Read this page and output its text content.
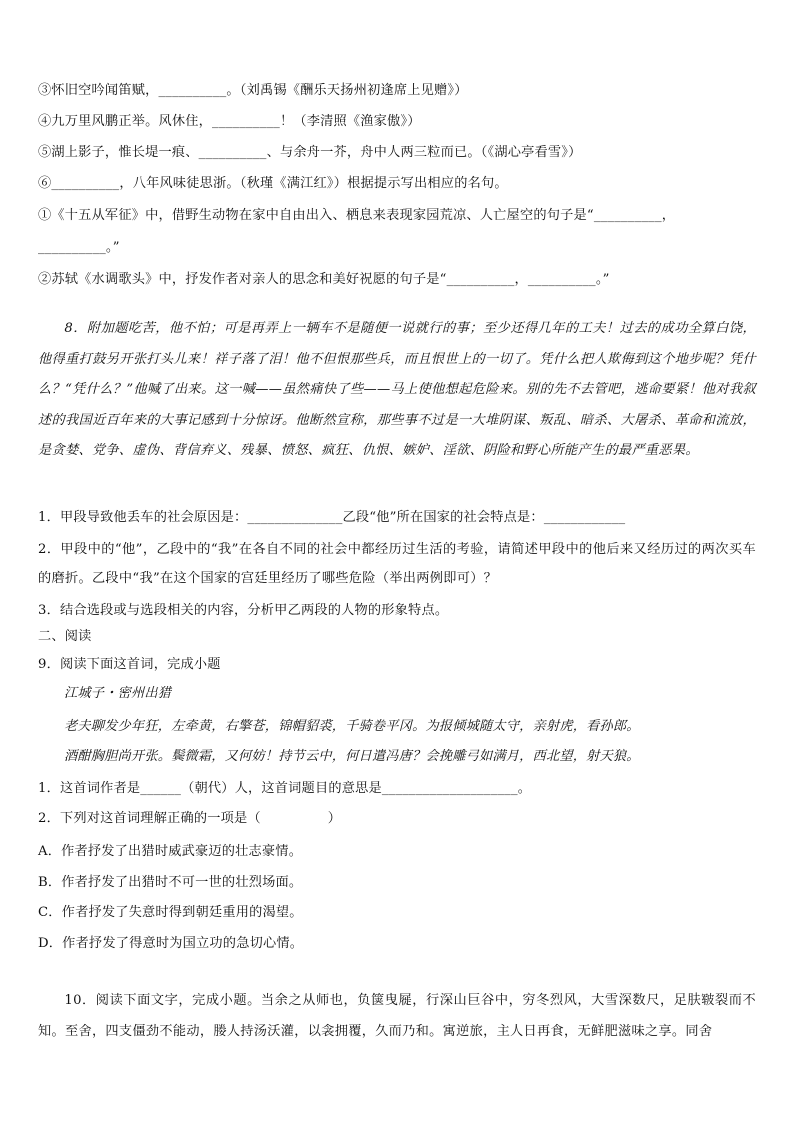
③怀旧空吟闻笛赋，__________。（刘禹锡《酬乐天扬州初逢席上见赠》）
④九万里风鹏正举。风休住，__________！（李清照《渔家傲》）
⑤湖上影子，惟长堤一痕、__________、与余舟一芥，舟中人两三粒而已。（《湖心亭看雪》）
⑥__________，八年风味徒思浙。（秋瑾《满江红》）根据提示写出相应的名句。
①《十五从军征》中，借野生动物在家中自由出入、栖息来表现家园荒凉、人亡屋空的句子是“__________，
__________。”
②苏轼《水调歌头》中，抒发作者对亲人的思念和美好祝愿的句子是“__________，__________。”
8．附加题吃苦，他不怕；可是再弄上一辆车不是随便一说就行的事；至少还得几年的工夫！过去的成功全算白饶，他得重打鼓另开张打头儿来！祥子落了泪！他不但恨那些兵，而且恨世上的一切了。凭什么把人欺侮到这个地步呢？凭什么？“凭什么？”他喊了出来。这一喊——虽然痛快了些——马上使他想起危险来。别的先不去管吧，逃命要紧！他对我叙述的我国近百年来的大事记感到十分惊讶。他断然宣称，那些事不过是一大堆阴谋、叛乱、暗杀、大屠杀、革命和流放，是贪婪、党争、虚伪、背信弃义、残暴、愤怒、疯狂、仇恨、嫉妒、淫欲、阴险和野心所能产生的最严重恶果。
1．甲段导致他丢车的社会原因是：______________乙段“他”所在国家的社会特点是：____________
2．甲段中的“他”，乙段中的“我”在各自不同的社会中都经历过生活的考验，请简述甲段中的他后来又经历过的两次买车的磨折。乙段中“我”在这个国家的宫廷里经历了哪些危险（举出两例即可）？
3．结合选段或与选段相关的内容，分析甲乙两段的人物的形象特点。
二、阅读
9．阅读下面这首词，完成小题
江城子・密州出猎
老夫聊发少年狂，左牵黄，右擎苍，锦帽貂裘，千骑卷平冈。为报倾城随太守，亲射虎，看孙郎。
酒酣胸胆尚开张。鬓微霜，又何妨！持节云中，何日遣冯唐？会挽雕弓如满月，西北望，射天狼。
1．这首词作者是______（朝代）人，这首词题目的意思是____________________。
2．下列对这首词理解正确的一项是（　　　　　）
A．作者抒发了出猎时威武豪迈的壮志豪情。
B．作者抒发了出猎时不可一世的壮烈场面。
C．作者抒发了失意时得到朝廷重用的渴望。
D．作者抒发了得意时为国立功的急切心情。
10．阅读下面文字，完成小题。当余之从师也，负箧曳屣，行深山巨谷中，穷冬烈风，大雪深数尺，足肤皲裂而不知。至舍，四支僵劲不能动，媵人持汤沃灌，以衾拥覆，久而乃和。寓逆旅，主人日再食，无鲜肥滋味之享。同舍
